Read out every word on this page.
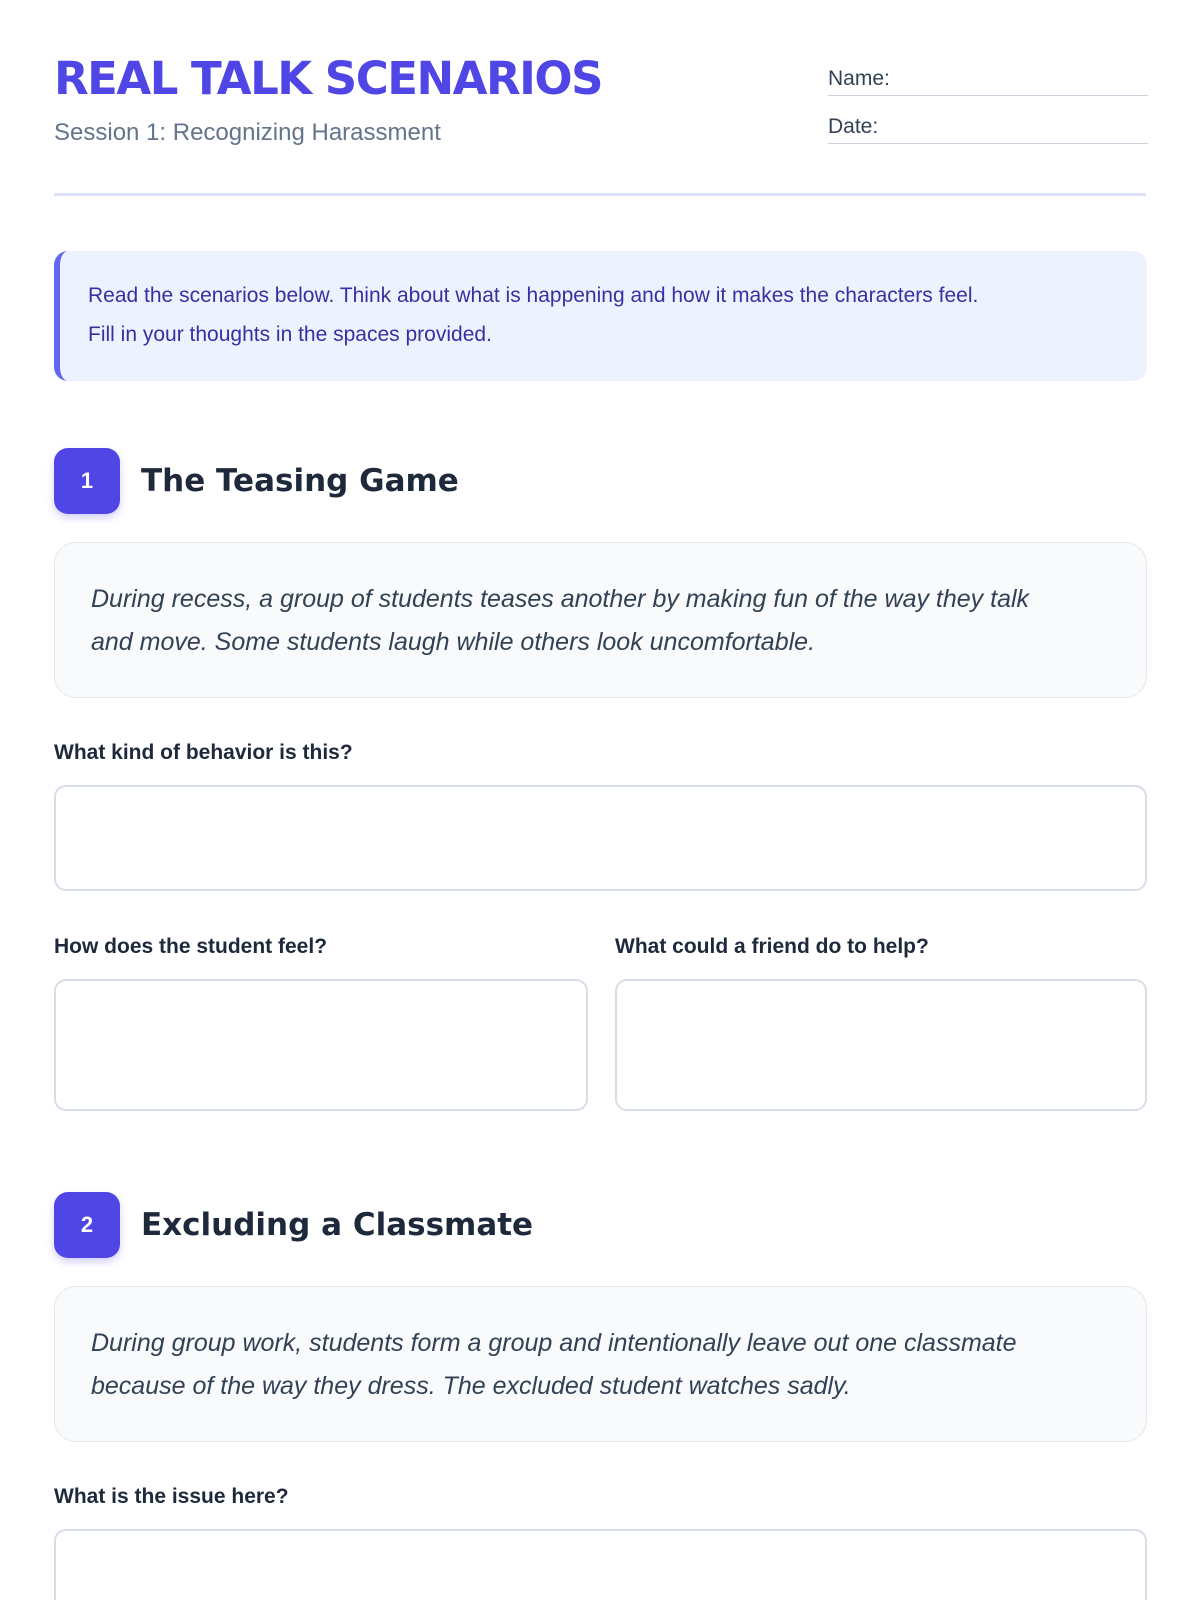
REAL TALK SCENARIOS
Session 1: Recognizing Harassment
Name:
Date:

Read the scenarios below. Think about what is happening and how it makes the characters feel.

Fill in your thoughts in the spaces provided.

1	The Teasing Game
During recess, a group of students teases another by making fun of the way they talk
and move. Some students laugh while others look uncomfortable.
What kind of behavior is this?
How does the student feel?	What could a friend do to help?
2	Excluding a Classmate
During group work, students form a group and intentionally leave out one classmate
because of the way they dress. The excluded student watches sadly.
What is the issue here?
